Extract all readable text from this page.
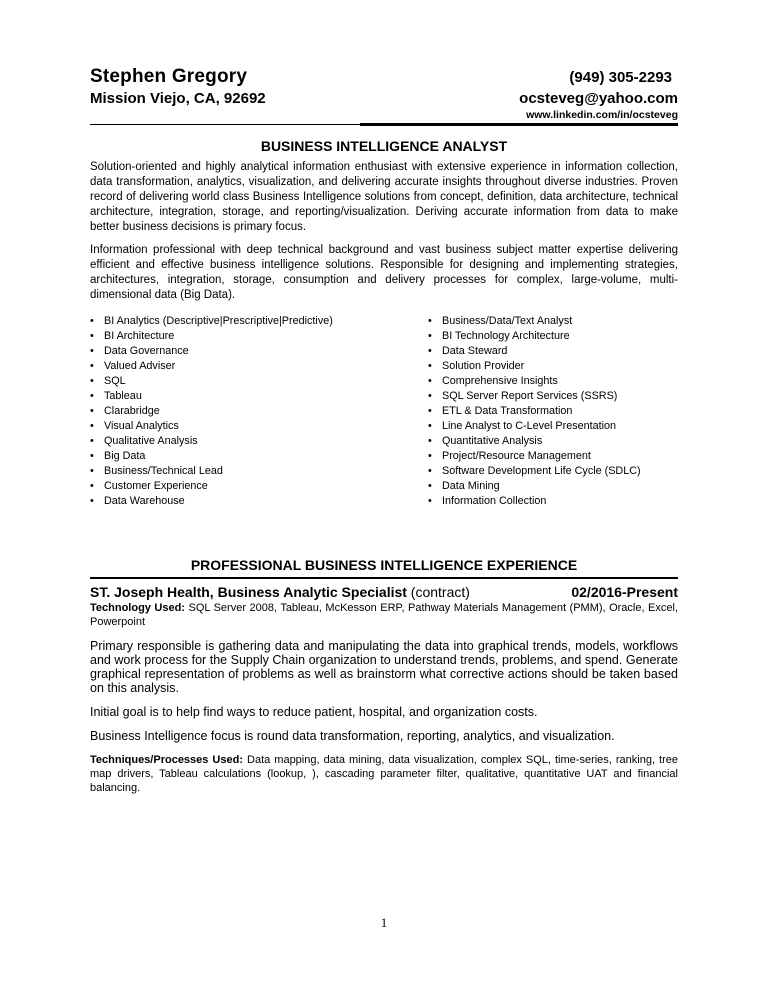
Stephen Gregory	(949) 305-2293
Mission Viejo, CA, 92692	ocsteveg@yahoo.com
www.linkedin.com/in/ocsteveg
BUSINESS INTELLIGENCE ANALYST

Solution-oriented and highly analytical information enthusiast with extensive experience in information collection, data transformation, analytics, visualization, and delivering accurate insights throughout diverse industries. Proven record of delivering world class Business Intelligence solutions from concept, definition, data architecture, technical architecture, integration, storage, and reporting/visualization. Deriving accurate information from data to make better business decisions is primary focus.

Information professional with deep technical background and vast business subject matter expertise delivering efficient and effective business intelligence solutions. Responsible for designing and implementing strategies, architectures, integration, storage, consumption and delivery processes for complex, large-volume, multi-dimensional data (Big Data).

• BI Analytics (Descriptive|Prescriptive|Predictive)
• BI Architecture
• Data Governance
• Valued Adviser
• SQL
• Tableau
• Clarabridge
• Visual Analytics
• Qualitative Analysis
• Big Data
• Business/Technical Lead
• Customer Experience
• Data Warehouse
• Business/Data/Text Analyst
• BI Technology Architecture
• Data Steward
• Solution Provider
• Comprehensive Insights
• SQL Server Report Services (SSRS)
• ETL & Data Transformation
• Line Analyst to C-Level Presentation
• Quantitative Analysis
• Project/Resource Management
• Software Development Life Cycle (SDLC)
• Data Mining
• Information Collection
PROFESSIONAL BUSINESS INTELLIGENCE EXPERIENCE
ST. Joseph Health, Business Analytic Specialist (contract)	02/2016-Present
Technology Used: SQL Server 2008, Tableau, McKesson ERP, Pathway Materials Management (PMM), Oracle, Excel, Powerpoint

Primary responsible is gathering data and manipulating the data into graphical trends, models, workflows and work process for the Supply Chain organization to understand trends, problems, and spend. Generate graphical representation of problems as well as brainstorm what corrective actions should be taken based on this analysis.

Initial goal is to help find ways to reduce patient, hospital, and organization costs.

Business Intelligence focus is round data transformation, reporting, analytics, and visualization.

Techniques/Processes Used: Data mapping, data mining, data visualization, complex SQL, time-series, ranking, tree map drivers, Tableau calculations (lookup, ), cascading parameter filter, qualitative, quantitative UAT and financial balancing.
1
